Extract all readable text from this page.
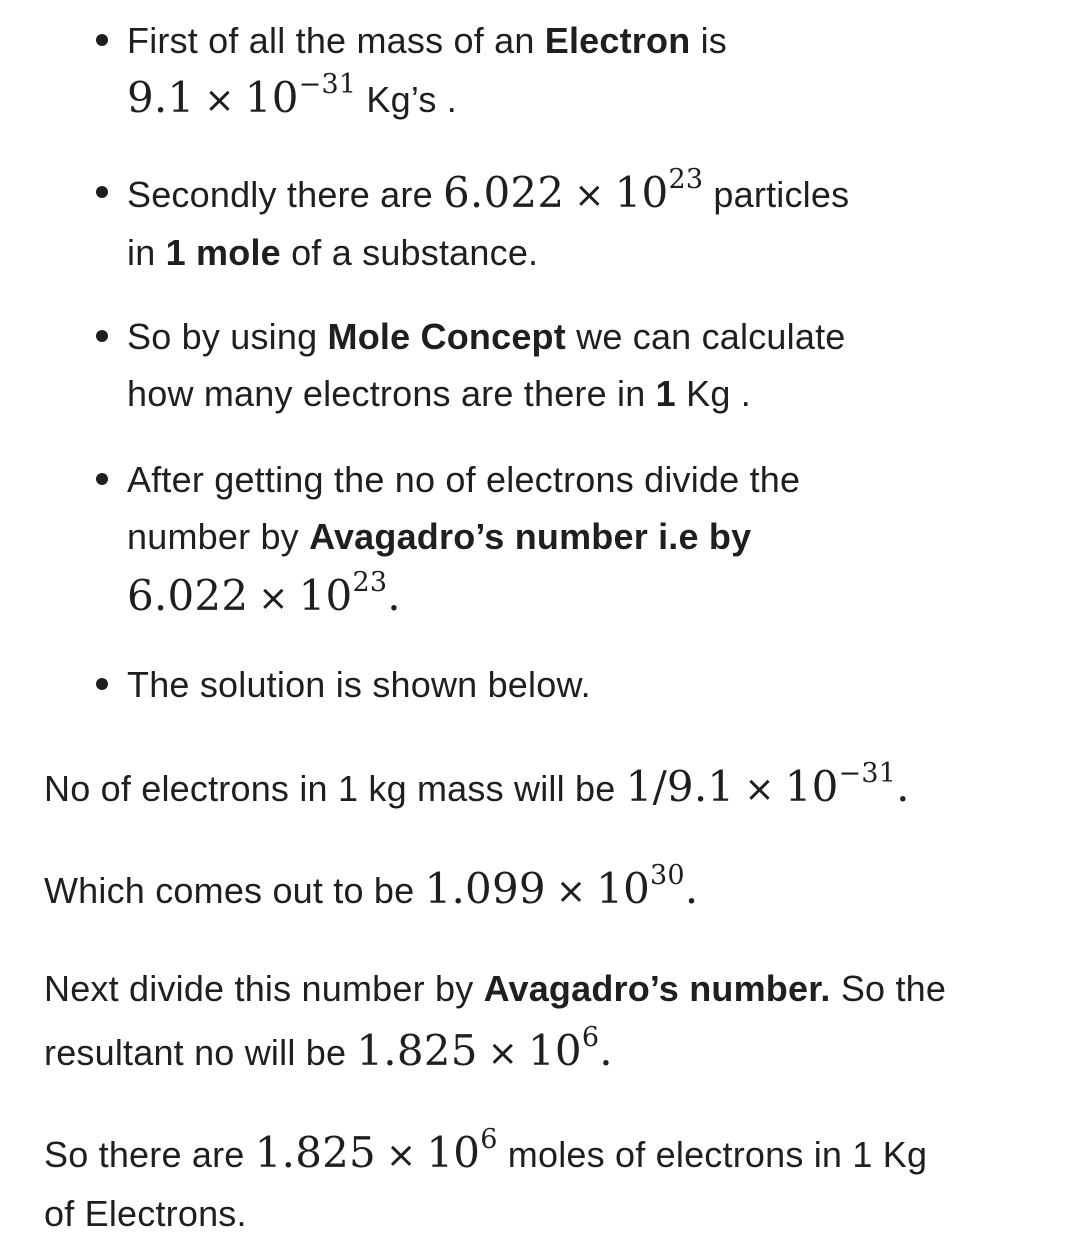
First of all the mass of an Electron is
$9.1 \times 10^{-31}$ Kg’s .
Secondly there are $6.022 \times 10^{23}$ particles
in 1 mole of a substance.
So by using Mole Concept we can calculate
how many electrons are there in 1 Kg .
After getting the no of electrons divide the
number by Avagadro’s number i.e by
$6.022 \times 10^{23}$.
The solution is shown below.
No of electrons in 1 kg mass will be $1/9.1 \times 10^{-31}$.
Which comes out to be $1.099 \times 10^{30}$.
Next divide this number by Avagadro’s number. So the
resultant no will be $1.825 \times 10^6$.
So there are $1.825 \times 10^6$ moles of electrons in 1 Kg
of Electrons.
